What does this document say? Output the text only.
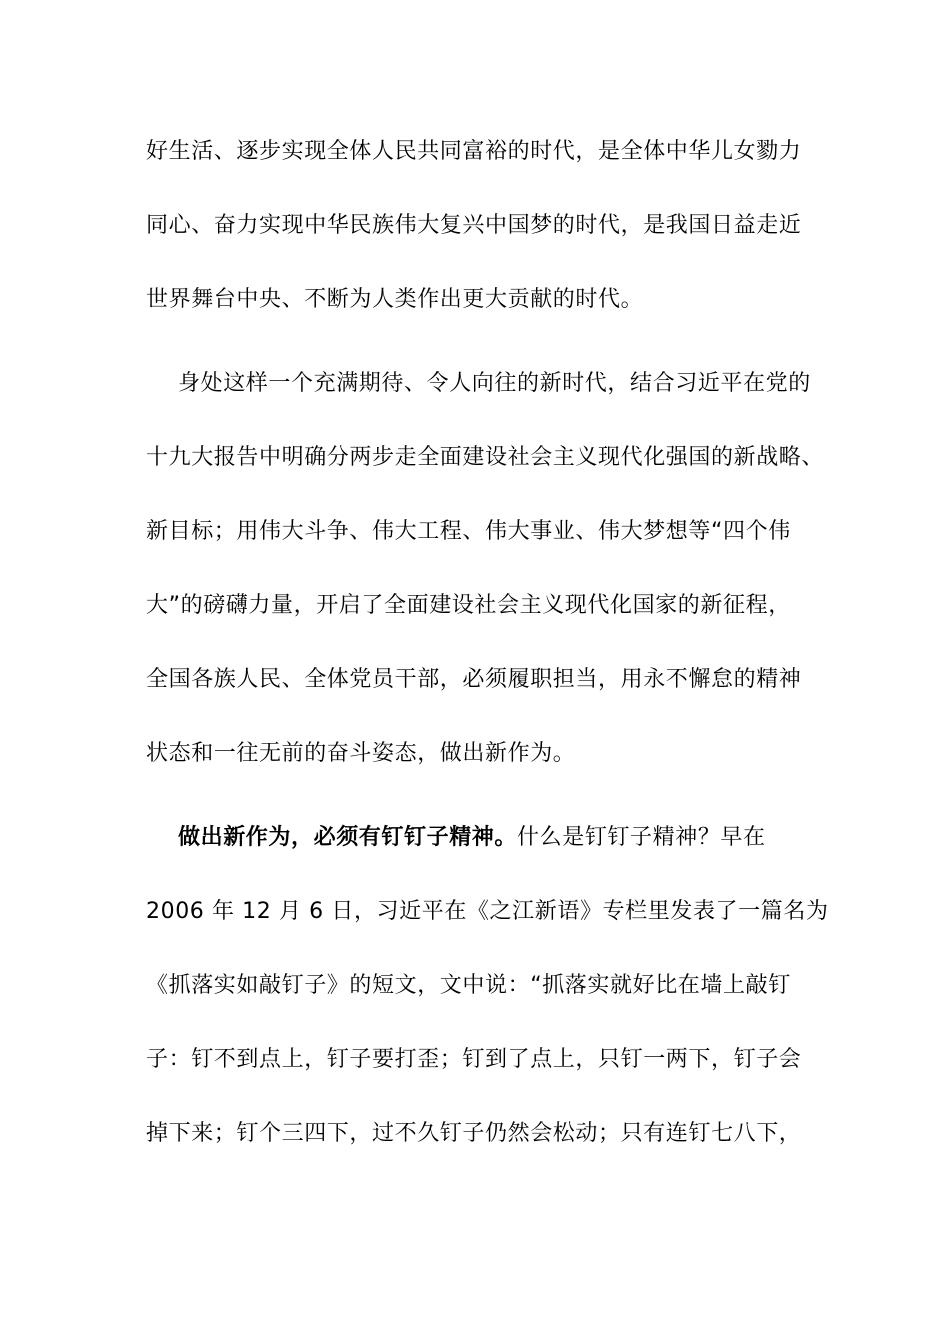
好生活、逐步实现全体人民共同富裕的时代，是全体中华儿女勠力
同心、奋力实现中华民族伟大复兴中国梦的时代，是我国日益走近
世界舞台中央、不断为人类作出更大贡献的时代。
身处这样一个充满期待、令人向往的新时代，结合习近平在党的
十九大报告中明确分两步走全面建设社会主义现代化强国的新战略、
新目标；用伟大斗争、伟大工程、伟大事业、伟大梦想等“四个伟
大”的磅礴力量，开启了全面建设社会主义现代化国家的新征程，
全国各族人民、全体党员干部，必须履职担当，用永不懈怠的精神
状态和一往无前的奋斗姿态，做出新作为。
做出新作为，必须有钉钉子精神。什么是钉钉子精神？早在
2006 年 12 月 6 日，习近平在《之江新语》专栏里发表了一篇名为
《抓落实如敲钉子》的短文，文中说：“抓落实就好比在墙上敲钉
子：钉不到点上，钉子要打歪；钉到了点上，只钉一两下，钉子会
掉下来；钉个三四下，过不久钉子仍然会松动；只有连钉七八下，
